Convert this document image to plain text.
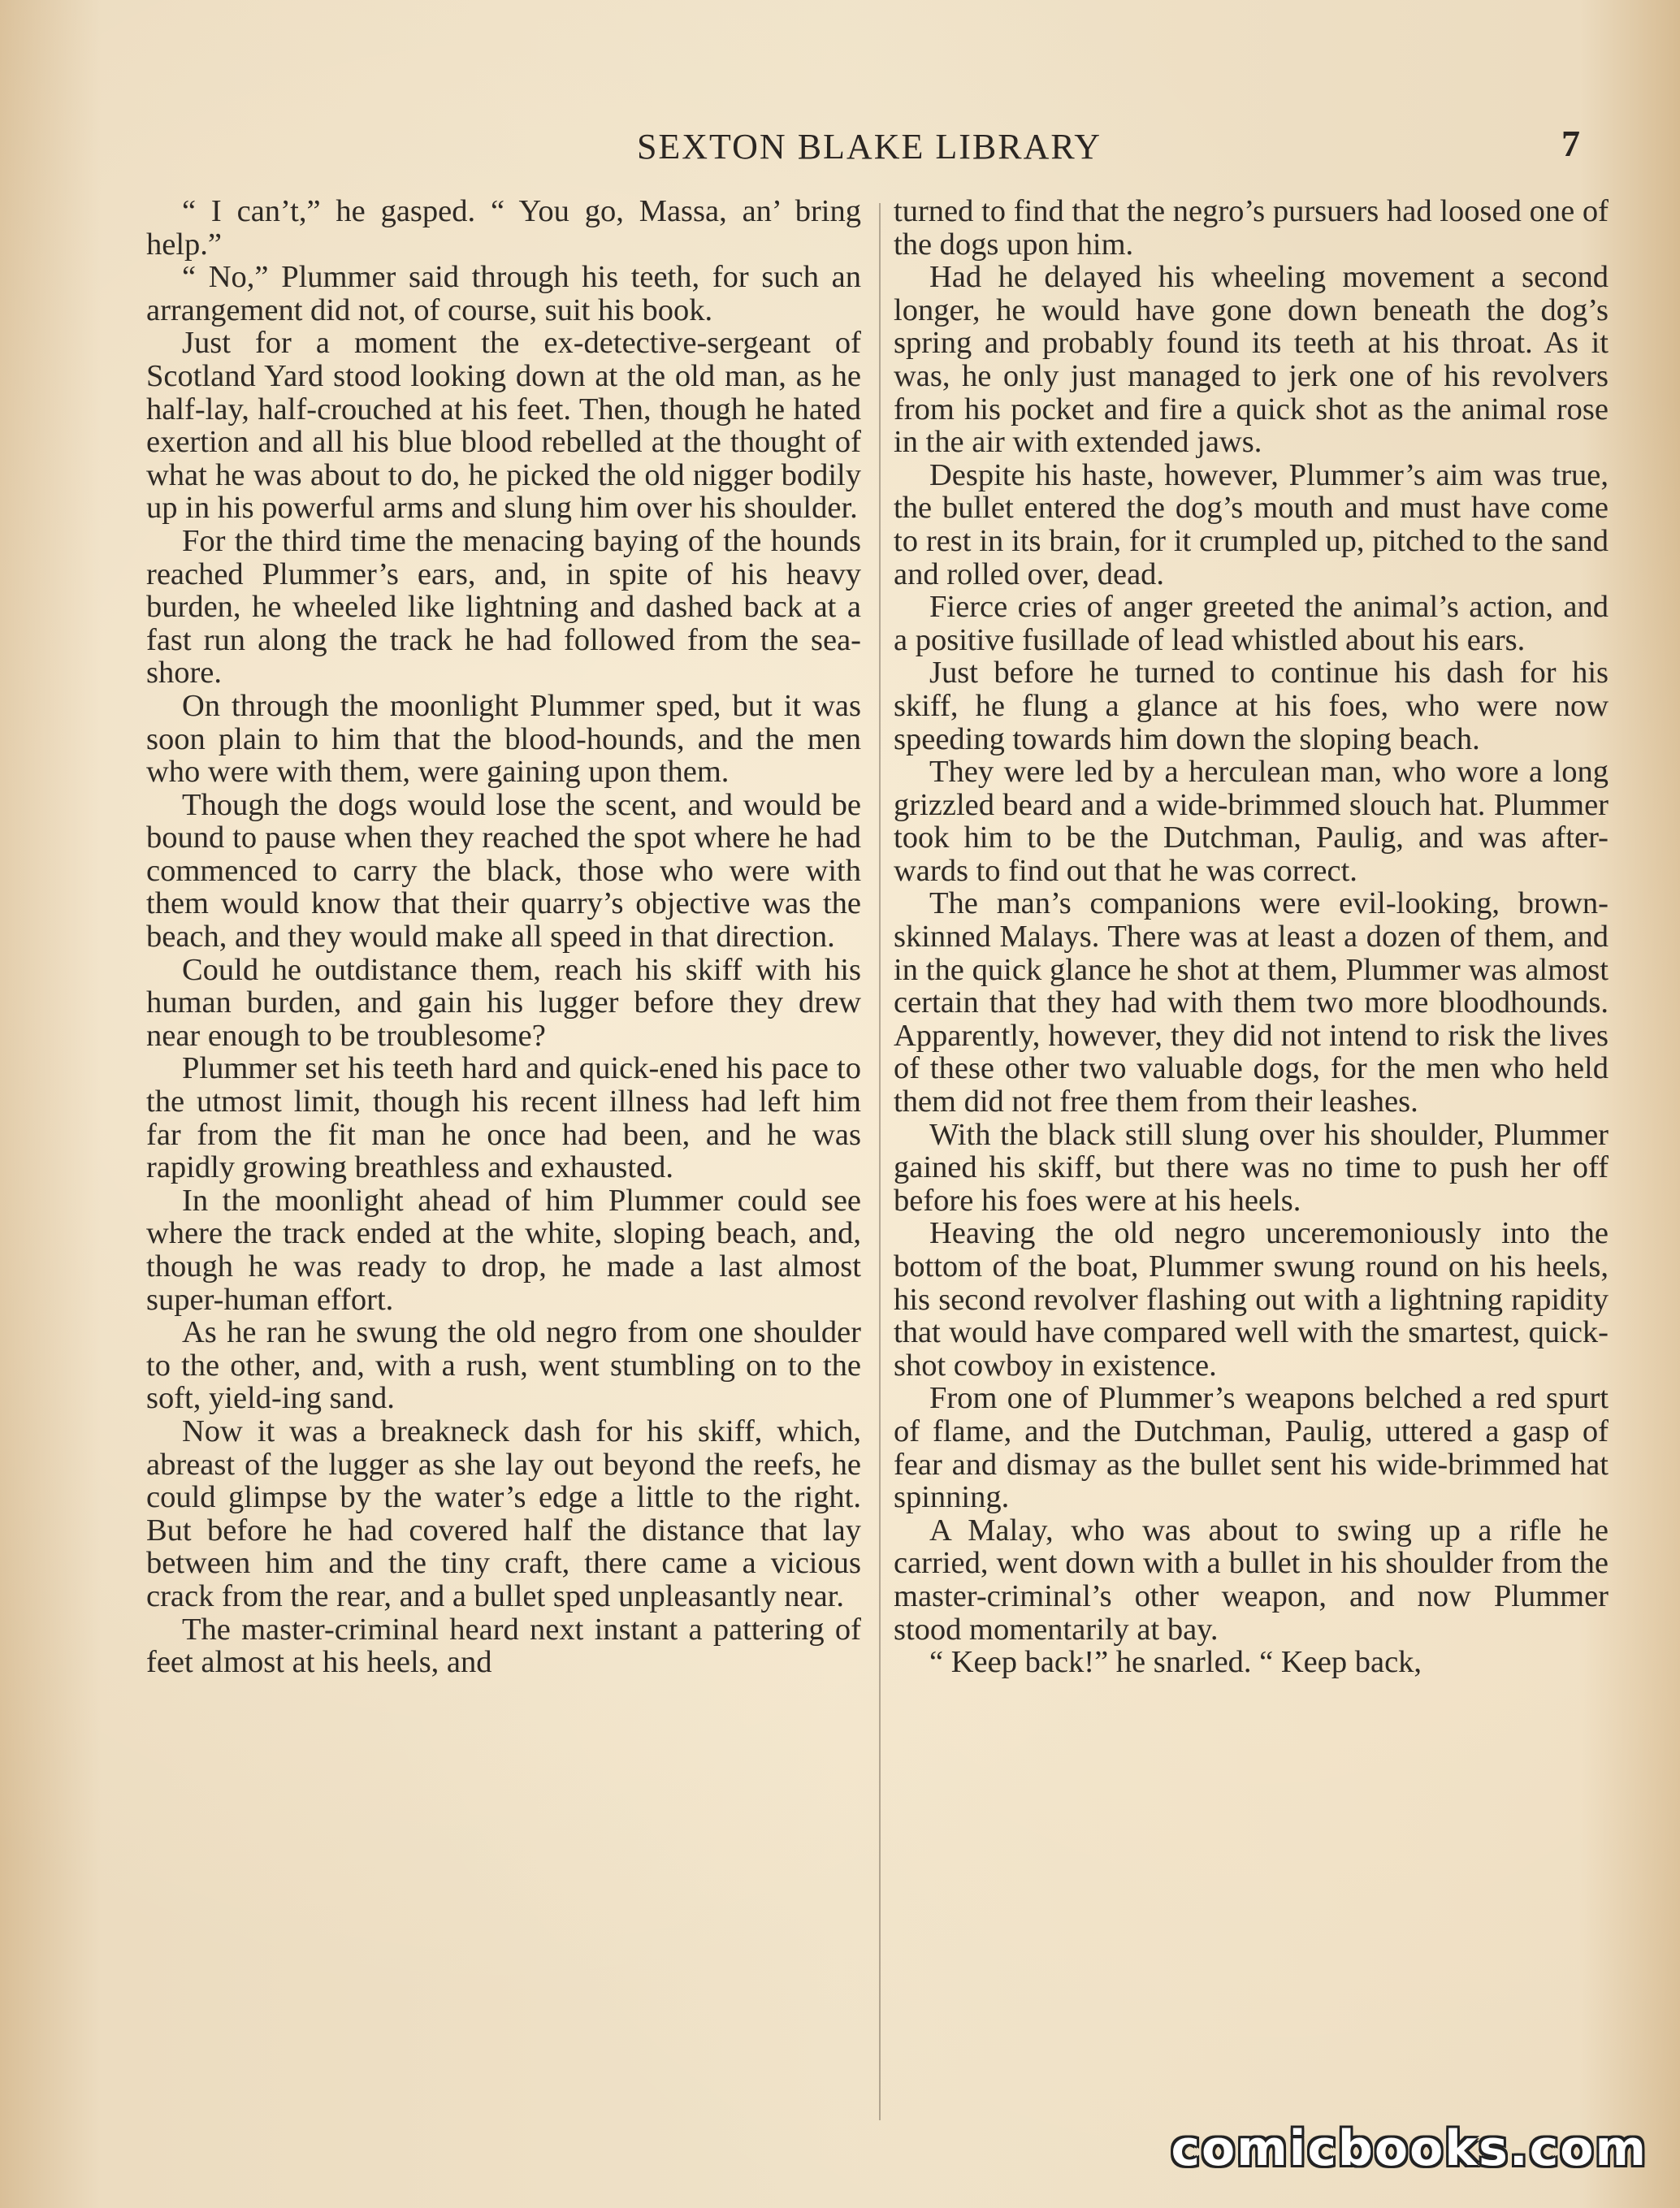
SEXTON BLAKE LIBRARY	7

“ I can’t,” he gasped. “ You go, Massa, an’ bring help.”

“ No,” Plummer said through his teeth, for such an arrangement did not, of course, suit his book.

Just for a moment the ex-detective-sergeant of Scotland Yard stood looking down at the old man, as he half-lay, half-crouched at his feet. Then, though he hated exertion and all his blue blood rebelled at the thought of what he was about to do, he picked the old nigger bodily up in his powerful arms and slung him over his shoulder.

For the third time the menacing baying of the hounds reached Plummer’s ears, and, in spite of his heavy burden, he wheeled like lightning and dashed back at a fast run along the track he had followed from the sea-shore.

On through the moonlight Plummer sped, but it was soon plain to him that the blood-hounds, and the men who were with them, were gaining upon them.

Though the dogs would lose the scent, and would be bound to pause when they reached the spot where he had commenced to carry the black, those who were with them would know that their quarry’s objective was the beach, and they would make all speed in that direction.

Could he outdistance them, reach his skiff with his human burden, and gain his lugger before they drew near enough to be troublesome?

Plummer set his teeth hard and quick-ened his pace to the utmost limit, though his recent illness had left him far from the fit man he once had been, and he was rapidly growing breathless and exhausted.

In the moonlight ahead of him Plummer could see where the track ended at the white, sloping beach, and, though he was ready to drop, he made a last almost super-human effort.

As he ran he swung the old negro from one shoulder to the other, and, with a rush, went stumbling on to the soft, yield-ing sand.

Now it was a breakneck dash for his skiff, which, abreast of the lugger as she lay out beyond the reefs, he could glimpse by the water’s edge a little to the right. But before he had covered half the distance that lay between him and the tiny craft, there came a vicious crack from the rear, and a bullet sped unpleasantly near.

The master-criminal heard next instant a pattering of feet almost at his heels, and

turned to find that the negro’s pursuers had loosed one of the dogs upon him.

Had he delayed his wheeling movement a second longer, he would have gone down beneath the dog’s spring and probably found its teeth at his throat. As it was, he only just managed to jerk one of his revolvers from his pocket and fire a quick shot as the animal rose in the air with extended jaws.

Despite his haste, however, Plummer’s aim was true, the bullet entered the dog’s mouth and must have come to rest in its brain, for it crumpled up, pitched to the sand and rolled over, dead.

Fierce cries of anger greeted the animal’s action, and a positive fusillade of lead whistled about his ears.

Just before he turned to continue his dash for his skiff, he flung a glance at his foes, who were now speeding towards him down the sloping beach.

They were led by a herculean man, who wore a long grizzled beard and a wide-brimmed slouch hat. Plummer took him to be the Dutchman, Paulig, and was after-wards to find out that he was correct.

The man’s companions were evil-looking, brown-skinned Malays. There was at least a dozen of them, and in the quick glance he shot at them, Plummer was almost certain that they had with them two more bloodhounds. Apparently, however, they did not intend to risk the lives of these other two valuable dogs, for the men who held them did not free them from their leashes.

With the black still slung over his shoulder, Plummer gained his skiff, but there was no time to push her off before his foes were at his heels.

Heaving the old negro unceremoniously into the bottom of the boat, Plummer swung round on his heels, his second revolver flashing out with a lightning rapidity that would have compared well with the smartest, quick-shot cowboy in existence.

From one of Plummer’s weapons belched a red spurt of flame, and the Dutchman, Paulig, uttered a gasp of fear and dismay as the bullet sent his wide-brimmed hat spinning.

A Malay, who was about to swing up a rifle he carried, went down with a bullet in his shoulder from the master-criminal’s other weapon, and now Plummer stood momentarily at bay.

“ Keep back!” he snarled. “ Keep back,

comicbooks.com
